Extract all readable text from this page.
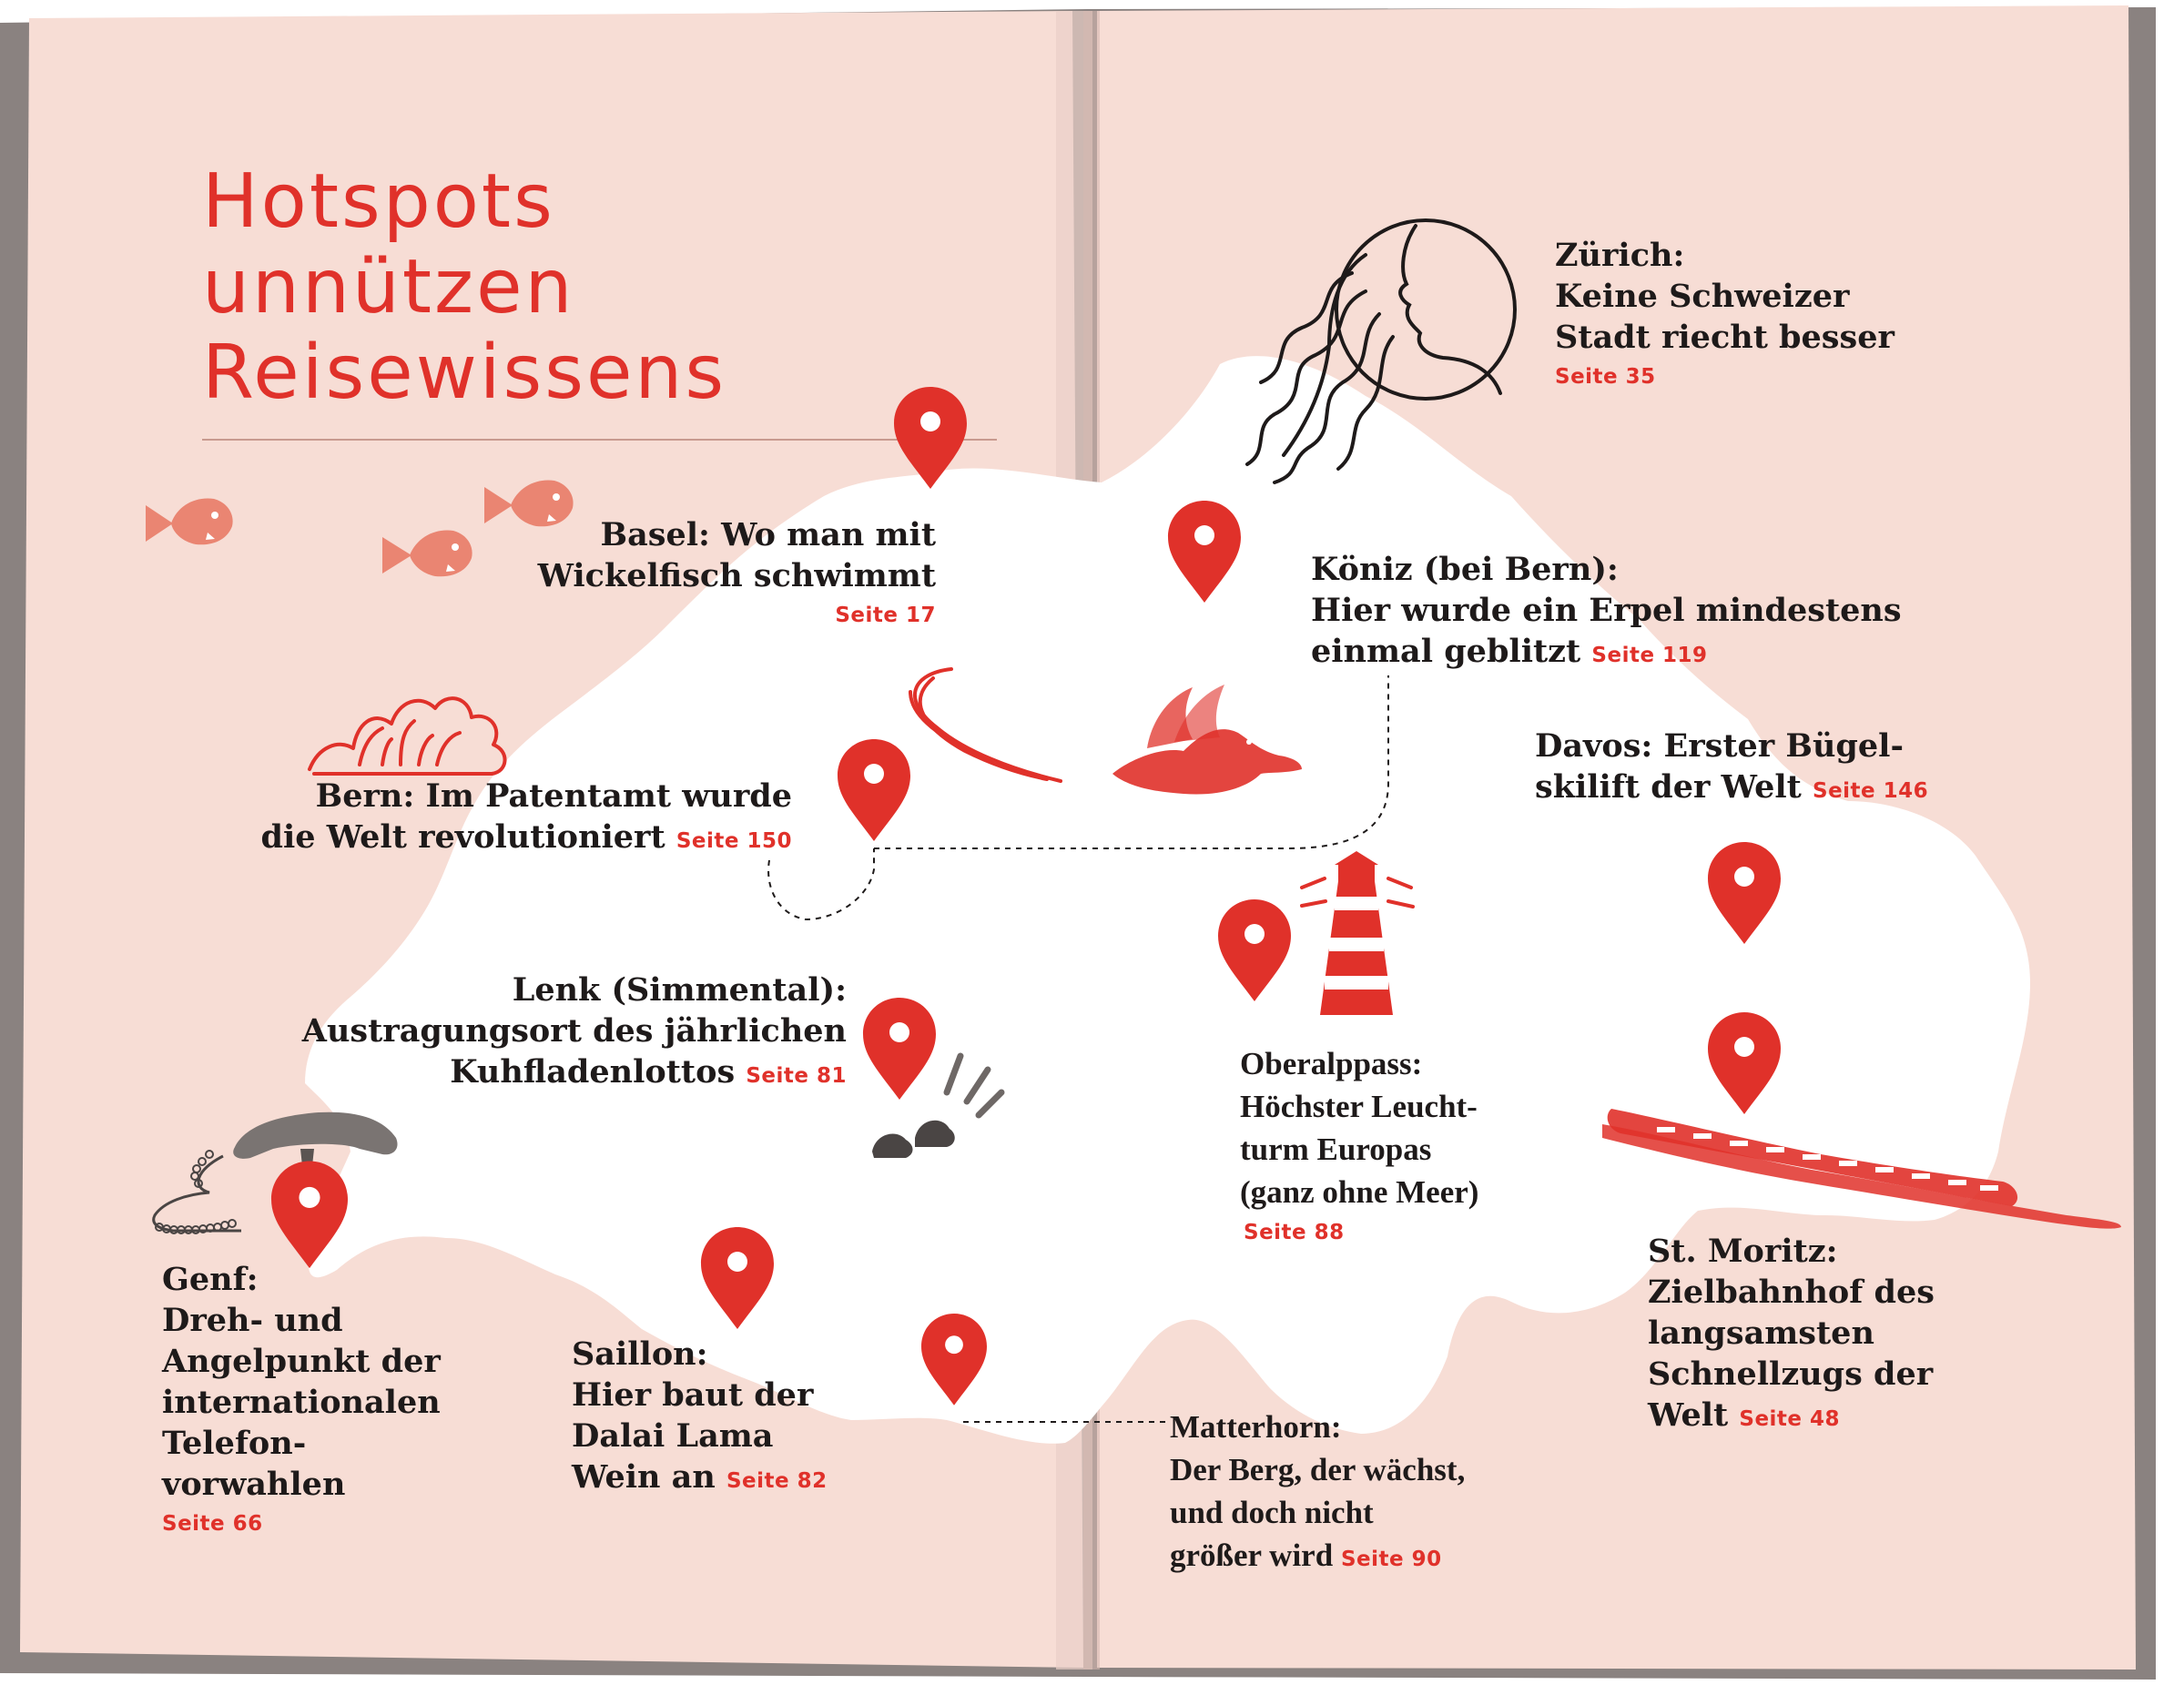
Hotspots
unnützen
Reisewissens
Zürich:
Keine Schweizer
Stadt riecht besser
Seite 35
Basel: Wo man mit
Wickelfisch schwimmt
Seite 17
Köniz (bei Bern):
Hier wurde ein Erpel mindestens
einmal geblitzt Seite 119
Bern: Im Patentamt wurde
die Welt revolutioniert Seite 150
Davos: Erster Bügel-
skilift der Welt Seite 146
Lenk (Simmental):
Austragungsort des jährlichen
Kuhfladenlottos Seite 81	Oberalppass:
Höchster Leucht-
turm Europas
(ganz ohne Meer)
Seite 88
Genf:
Dreh- und
Angelpunkt der
internationalen
Telefon-
vorwahlen
Seite 66
St. Moritz:
Zielbahnhof des
langsamsten
Schnellzugs der
Welt Seite 48
Saillon:
Hier baut der
Dalai Lama
Wein an Seite 82
Matterhorn:
Der Berg, der wächst,
und doch nicht
größer wird Seite 90
